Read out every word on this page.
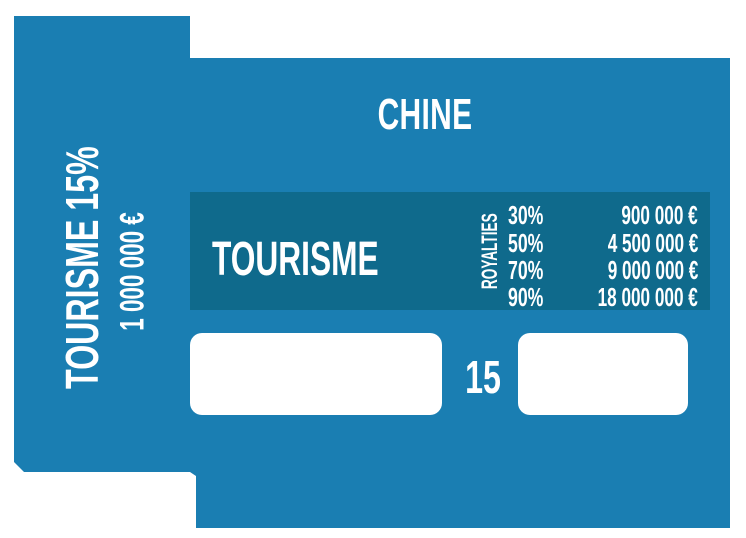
CHINE
TOURISME	ROYALTIES 30%	900 000 €
50% 4 500 000 €
70% 9 000 000 €
90% 18 000 000 €
15
TOURISME 15% 1 000 000 €
